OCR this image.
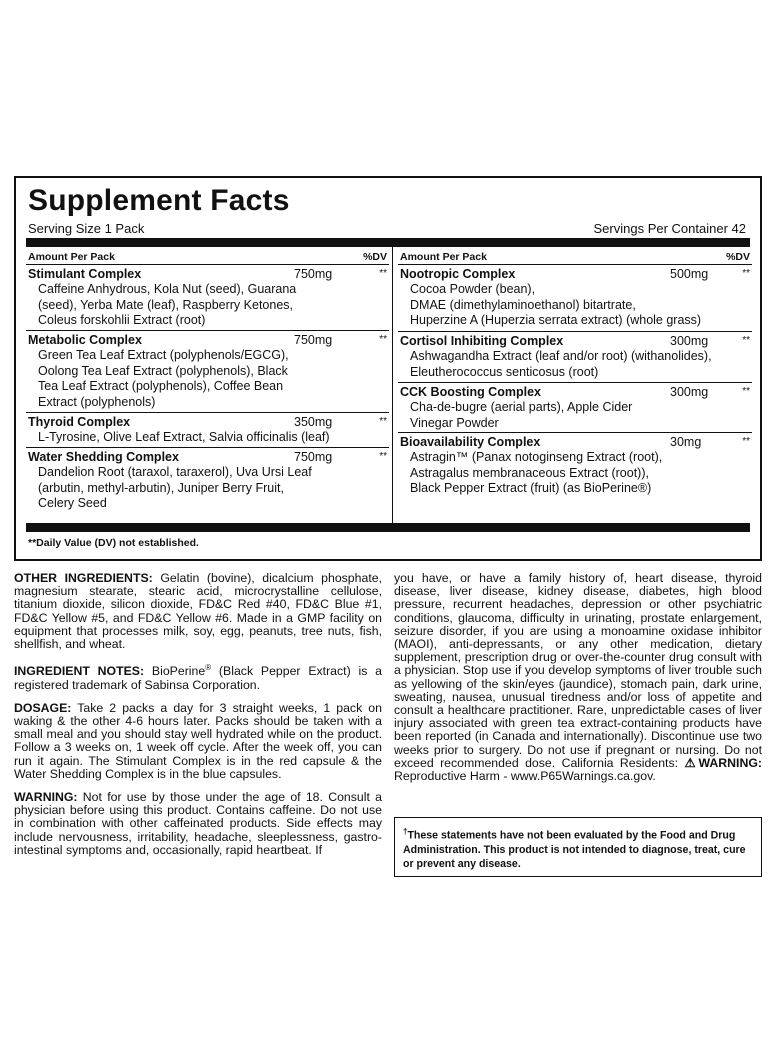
Supplement Facts
Serving Size 1 Pack	Servings Per Container 42
Amount Per Pack	%DV
Stimulant Complex	750mg	**
Caffeine Anhydrous, Kola Nut (seed), Guarana
(seed), Yerba Mate (leaf), Raspberry Ketones,
Coleus forskohlii Extract (root)
Metabolic Complex	750mg	**
Green Tea Leaf Extract (polyphenols/EGCG),
Oolong Tea Leaf Extract (polyphenols), Black
Tea Leaf Extract (polyphenols), Coffee Bean
Extract (polyphenols)
Thyroid Complex	350mg	**
L-Tyrosine, Olive Leaf Extract, Salvia officinalis (leaf)
Water Shedding Complex	750mg	**
Dandelion Root (taraxol, taraxerol), Uva Ursi Leaf
(arbutin, methyl-arbutin), Juniper Berry Fruit,
Celery Seed
Amount Per Pack	%DV
Nootropic Complex	500mg	**
Cocoa Powder (bean),
DMAE (dimethylaminoethanol) bitartrate,
Huperzine A (Huperzia serrata extract) (whole grass)
Cortisol Inhibiting Complex	300mg	**
Ashwagandha Extract (leaf and/or root) (withanolides),
Eleutherococcus senticosus (root)
CCK Boosting Complex	300mg	**
Cha-de-bugre (aerial parts), Apple Cider
Vinegar Powder
Bioavailability Complex	30mg	**
Astragin™ (Panax notoginseng Extract (root),
Astragalus membranaceous Extract (root)),
Black Pepper Extract (fruit) (as BioPerine®)
**Daily Value (DV) not established.

OTHER INGREDIENTS: Gelatin (bovine), dicalcium phosphate, magnesium stearate, stearic acid, microcrystalline cellulose, titanium dioxide, silicon dioxide, FD&C Red #40, FD&C Blue #1, FD&C Yellow #5, and FD&C Yellow #6. Made in a GMP facility on equipment that processes milk, soy, egg, peanuts, tree nuts, fish, shellfish, and wheat.

INGREDIENT NOTES: BioPerine® (Black Pepper Extract) is a registered trademark of Sabinsa Corporation.

DOSAGE: Take 2 packs a day for 3 straight weeks, 1 pack on waking & the other 4-6 hours later. Packs should be taken with a small meal and you should stay well hydrated while on the product. Follow a 3 weeks on, 1 week off cycle. After the week off, you can run it again. The Stimulant Complex is in the red capsule & the Water Shedding Complex is in the blue capsules.

WARNING: Not for use by those under the age of 18. Consult a physician before using this product. Contains caffeine. Do not use in combination with other caffeinated products. Side effects may include nervousness, irritability, headache, sleeplessness, gastro-intestinal symptoms and, occasionally, rapid heartbeat. If

you have, or have a family history of, heart disease, thyroid disease, liver disease, kidney disease, diabetes, high blood pressure, recurrent headaches, depression or other psychiatric conditions, glaucoma, difficulty in urinating, prostate enlargement, seizure disorder, if you are using a monoamine oxidase inhibitor (MAOI), anti-depressants, or any other medication, dietary supplement, prescription drug or over-the-counter drug consult with a physician. Stop use if you develop symptoms of liver trouble such as yellowing of the skin/eyes (jaundice), stomach pain, dark urine, sweating, nausea, unusual tiredness and/or loss of appetite and consult a healthcare practitioner. Rare, unpredictable cases of liver injury associated with green tea extract-containing products have been reported (in Canada and internationally). Discontinue use two weeks prior to surgery. Do not use if pregnant or nursing. Do not exceed recommended dose. California Residents: ⚠WARNING: Reproductive Harm - www.P65Warnings.ca.gov.

†These statements have not been evaluated by the Food and Drug Administration. This product is not intended to diagnose, treat, cure or prevent any disease.
